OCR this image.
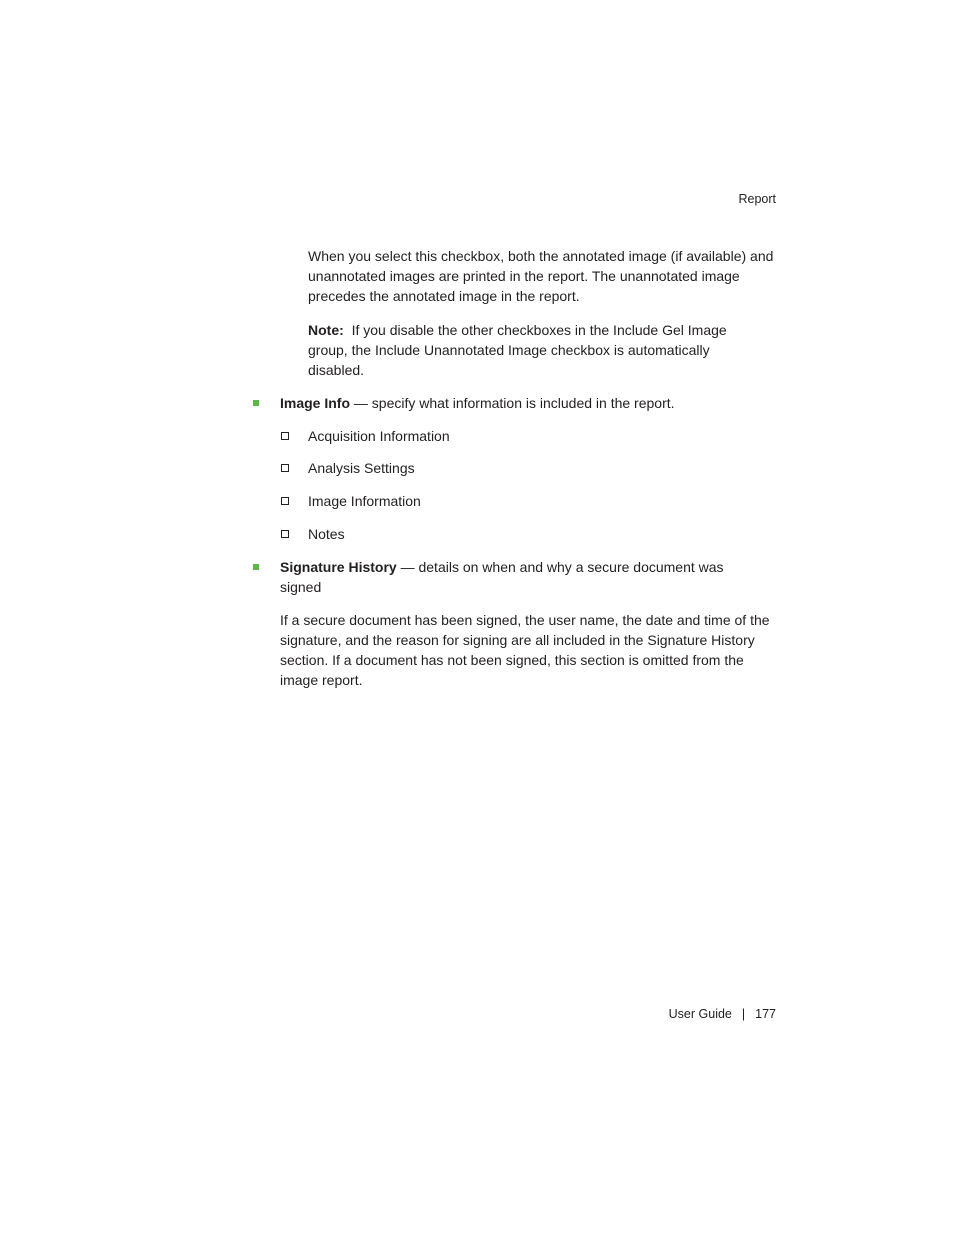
Report

When you select this checkbox, both the annotated image (if available) and unannotated images are printed in the report. The unannotated image precedes the annotated image in the report.

Note: If you disable the other checkboxes in the Include Gel Image group, the Include Unannotated Image checkbox is automatically disabled.

Image Info — specify what information is included in the report.

Acquisition Information

Analysis Settings

Image Information

Notes

Signature History — details on when and why a secure document was signed

If a secure document has been signed, the user name, the date and time of the signature, and the reason for signing are all included in the Signature History section. If a document has not been signed, this section is omitted from the image report.

User Guide | 177
